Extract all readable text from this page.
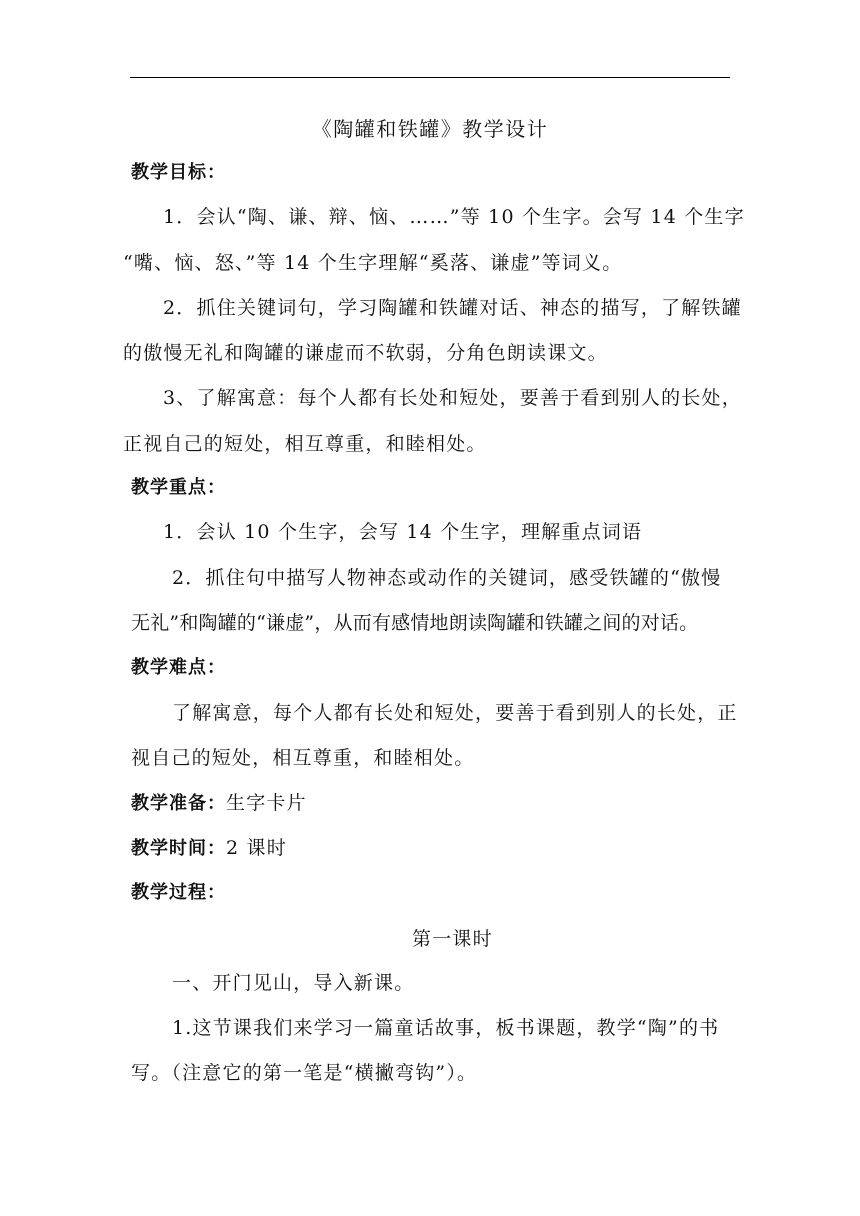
《陶罐和铁罐》教学设计
教学目标：
1．会认“陶、谦、辩、恼、……”等 10 个生字。会写 14 个生字
“嘴、恼、怒、”等 14 个生字理解“奚落、谦虚”等词义。
2．抓住关键词句，学习陶罐和铁罐对话、神态的描写，了解铁罐
的傲慢无礼和陶罐的谦虚而不软弱，分角色朗读课文。
3、了解寓意：每个人都有长处和短处，要善于看到别人的长处，
正视自己的短处，相互尊重，和睦相处。
教学重点：
1．会认 10 个生字，会写 14 个生字，理解重点词语
2．抓住句中描写人物神态或动作的关键词，感受铁罐的“傲慢
无礼”和陶罐的“谦虚”，从而有感情地朗读陶罐和铁罐之间的对话。
教学难点：
了解寓意，每个人都有长处和短处，要善于看到别人的长处，正
视自己的短处，相互尊重，和睦相处。
教学准备：生字卡片
教学时间：2 课时
教学过程：
第一课时
一、开门见山，导入新课。
1.这节课我们来学习一篇童话故事，板书课题，教学“陶”的书
写。（注意它的第一笔是“横撇弯钩”）。
